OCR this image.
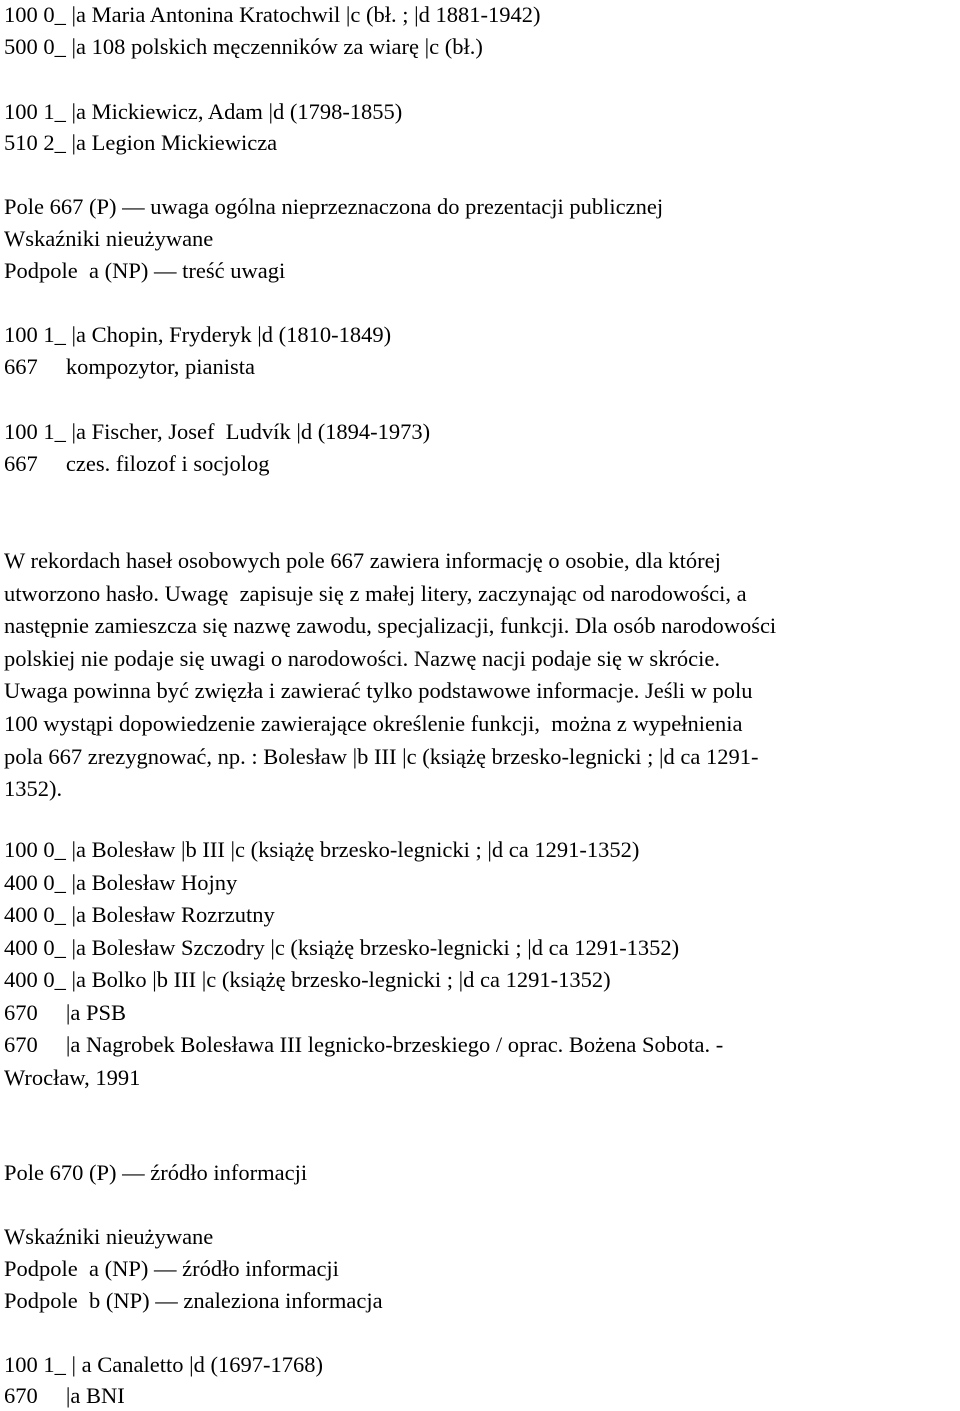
100 0_ |a Maria Antonina Kratochwil |c (bł. ; |d 1881-1942)
500 0_ |a 108 polskich męczenników za wiarę |c (bł.)
100 1_ |a Mickiewicz, Adam |d (1798-1855)
510 2_ |a Legion Mickiewicza
Pole 667 (P) — uwaga ogólna nieprzeznaczona do prezentacji publicznej
Wskaźniki nieużywane
Podpole  a (NP) — treść uwagi
100 1_ |a Chopin, Fryderyk |d (1810-1849)
667     kompozytor, pianista
100 1_ |a Fischer, Josef  Ludvík |d (1894-1973)
667     czes. filozof i socjolog
W rekordach haseł osobowych pole 667 zawiera informację o osobie, dla której
utworzono hasło. Uwagę  zapisuje się z małej litery, zaczynając od narodowości, a
następnie zamieszcza się nazwę zawodu, specjalizacji, funkcji. Dla osób narodowości
polskiej nie podaje się uwagi o narodowości. Nazwę nacji podaje się w skrócie.
Uwaga powinna być zwięzła i zawierać tylko podstawowe informacje. Jeśli w polu
100 wystąpi dopowiedzenie zawierające określenie funkcji,  można z wypełnienia
pola 667 zrezygnować, np. : Bolesław |b III |c (książę brzesko-legnicki ; |d ca 1291-
1352).
100 0_ |a Bolesław |b III |c (książę brzesko-legnicki ; |d ca 1291-1352)
400 0_ |a Bolesław Hojny
400 0_ |a Bolesław Rozrzutny
400 0_ |a Bolesław Szczodry |c (książę brzesko-legnicki ; |d ca 1291-1352)
400 0_ |a Bolko |b III |c (książę brzesko-legnicki ; |d ca 1291-1352)
670     |a PSB
670     |a Nagrobek Bolesława III legnicko-brzeskiego / oprac. Bożena Sobota. -
Wrocław, 1991
Pole 670 (P) — źródło informacji
Wskaźniki nieużywane
Podpole  a (NP) — źródło informacji
Podpole  b (NP) — znaleziona informacja
100 1_ | a Canaletto |d (1697-1768)
670     |a BNI
